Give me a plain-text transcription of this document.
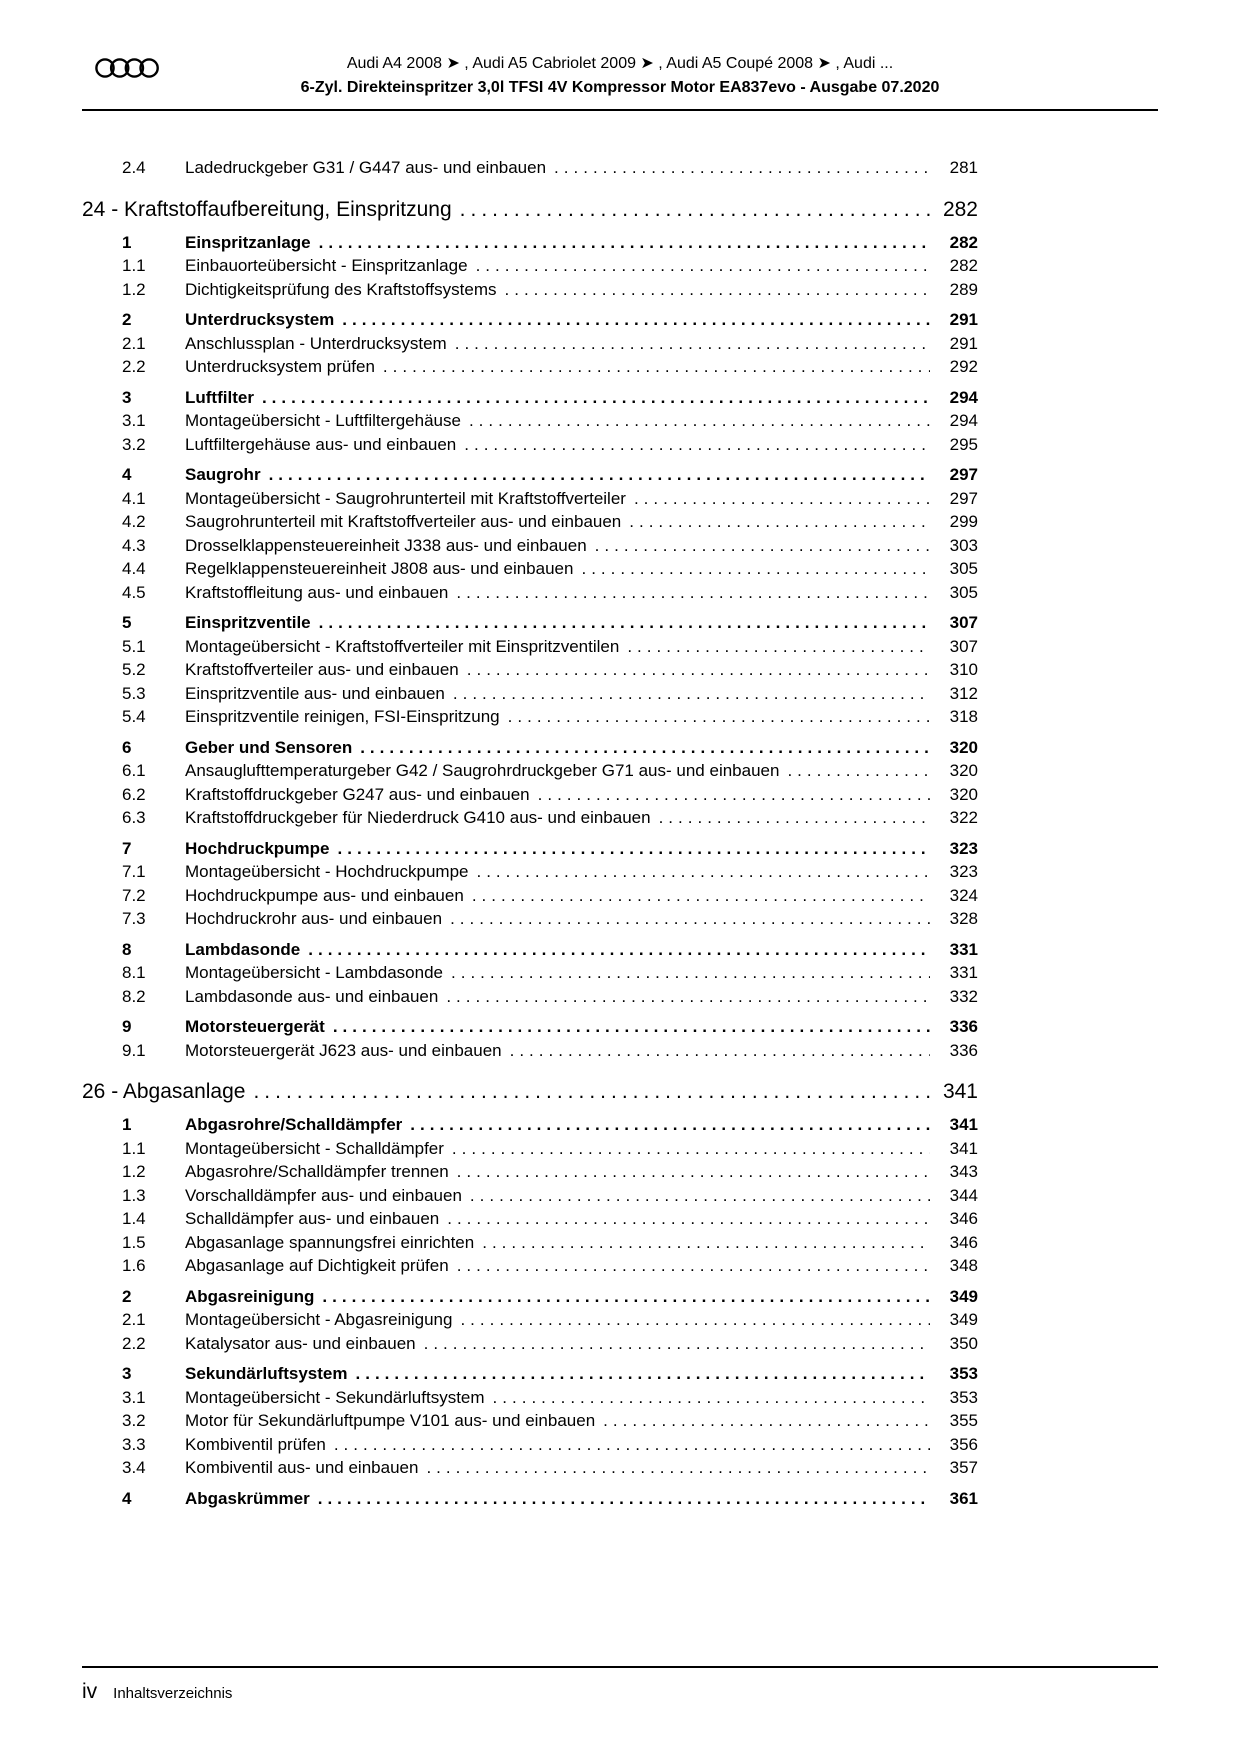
Audi A4 2008 ➤ , Audi A5 Cabriolet 2009 ➤ , Audi A5 Coupé 2008 ➤ , Audi ...
6-Zyl. Direkteinspritzer 3,0l TFSI 4V Kompressor Motor EA837evo - Ausgabe 07.2020
2.4	Ladedruckgeber G31 / G447 aus- und einbauen .....	281
24 - Kraftstoffaufbereitung, Einspritzung .....	282
1	Einspritzanlage .....	282
1.1	Einbauorteübersicht - Einspritzanlage .....	282
1.2	Dichtigkeitsprüfung des Kraftstoffsystems .....	289
2	Unterdrucksystem .....	291
2.1	Anschlussplan - Unterdrucksystem .....	291
2.2	Unterdrucksystem prüfen .....	292
3	Luftfilter .....	294
3.1	Montageübersicht - Luftfiltergehäuse .....	294
3.2	Luftfiltergehäuse aus- und einbauen .....	295
4	Saugrohr .....	297
4.1	Montageübersicht - Saugrohrunterteil mit Kraftstoffverteiler .....	297
4.2	Saugrohrunterteil mit Kraftstoffverteiler aus- und einbauen .....	299
4.3	Drosselklappensteuereinheit J338 aus- und einbauen .....	303
4.4	Regelklappensteuereinheit J808 aus- und einbauen .....	305
4.5	Kraftstoffleitung aus- und einbauen .....	305
5	Einspritzventile .....	307
5.1	Montageübersicht - Kraftstoffverteiler mit Einspritzventilen .....	307
5.2	Kraftstoffverteiler aus- und einbauen .....	310
5.3	Einspritzventile aus- und einbauen .....	312
5.4	Einspritzventile reinigen, FSI-Einspritzung .....	318
6	Geber und Sensoren .....	320
6.1	Ansauglufttemperaturgeber G42 / Saugrohrdruckgeber G71 aus- und einbauen .....	320
6.2	Kraftstoffdruckgeber G247 aus- und einbauen .....	320
6.3	Kraftstoffdruckgeber für Niederdruck G410 aus- und einbauen .....	322
7	Hochdruckpumpe .....	323
7.1	Montageübersicht - Hochdruckpumpe .....	323
7.2	Hochdruckpumpe aus- und einbauen .....	324
7.3	Hochdruckrohr aus- und einbauen .....	328
8	Lambdasonde .....	331
8.1	Montageübersicht - Lambdasonde .....	331
8.2	Lambdasonde aus- und einbauen .....	332
9	Motorsteuergerät .....	336
9.1	Motorsteuergerät J623 aus- und einbauen .....	336
26 - Abgasanlage .....	341
1	Abgasrohre/Schalldämpfer .....	341
1.1	Montageübersicht - Schalldämpfer .....	341
1.2	Abgasrohre/Schalldämpfer trennen .....	343
1.3	Vorschalldämpfer aus- und einbauen .....	344
1.4	Schalldämpfer aus- und einbauen .....	346
1.5	Abgasanlage spannungsfrei einrichten .....	346
1.6	Abgasanlage auf Dichtigkeit prüfen .....	348
2	Abgasreinigung .....	349
2.1	Montageübersicht - Abgasreinigung .....	349
2.2	Katalysator aus- und einbauen .....	350
3	Sekundärluftsystem .....	353
3.1	Montageübersicht - Sekundärluftsystem .....	353
3.2	Motor für Sekundärluftpumpe V101 aus- und einbauen .....	355
3.3	Kombiventil prüfen .....	356
3.4	Kombiventil aus- und einbauen .....	357
4	Abgaskrümmer .....	361
iv Inhaltsverzeichnis
